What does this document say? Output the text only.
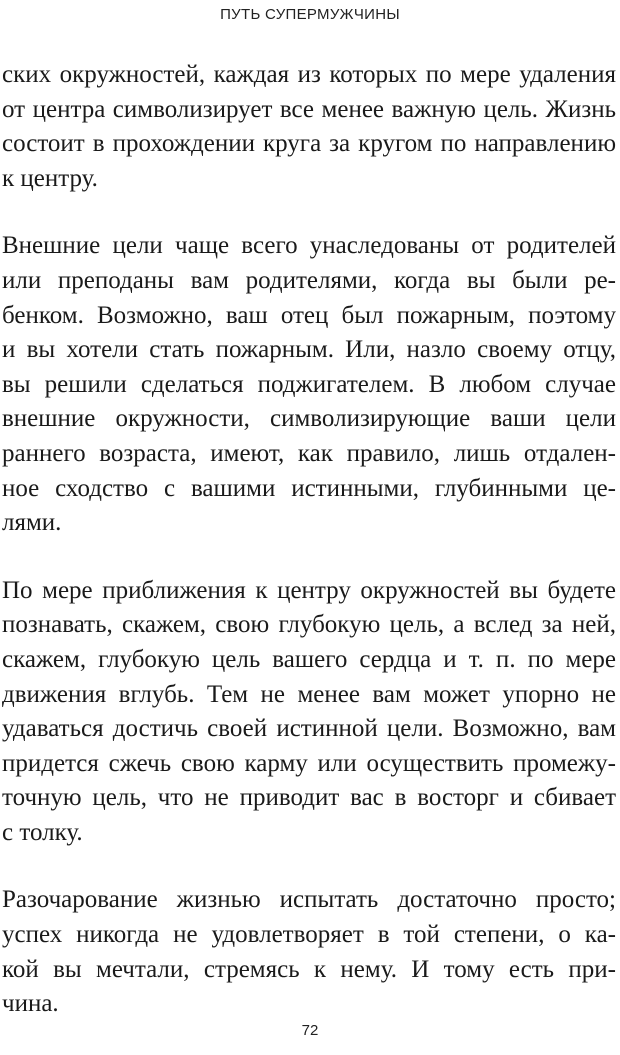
ПУТЬ СУПЕРМУЖЧИНЫ
ских окружностей, каждая из которых по мере удаления
от центра символизирует все менее важную цель. Жизнь
состоит в прохождении круга за кругом по направлению
к центру.
Внешние цели чаще всего унаследованы от родителей
или преподаны вам родителями, когда вы были ре-
бенком. Возможно, ваш отец был пожарным, поэтому
и вы хотели стать пожарным. Или, назло своему отцу,
вы решили сделаться поджигателем. В любом случае
внешние окружности, символизирующие ваши цели
раннего возраста, имеют, как правило, лишь отдален-
ное сходство с вашими истинными, глубинными це-
лями.
По мере приближения к центру окружностей вы будете
познавать, скажем, свою глубокую цель, а вслед за ней,
скажем, глубокую цель вашего сердца и т. п. по мере
движения вглубь. Тем не менее вам может упорно не
удаваться достичь своей истинной цели. Возможно, вам
придется сжечь свою карму или осуществить промежу-
точную цель, что не приводит вас в восторг и сбивает
с толку.
Разочарование жизнью испытать достаточно просто;
успех никогда не удовлетворяет в той степени, о ка-
кой вы мечтали, стремясь к нему. И тому есть при-
чина.
72
